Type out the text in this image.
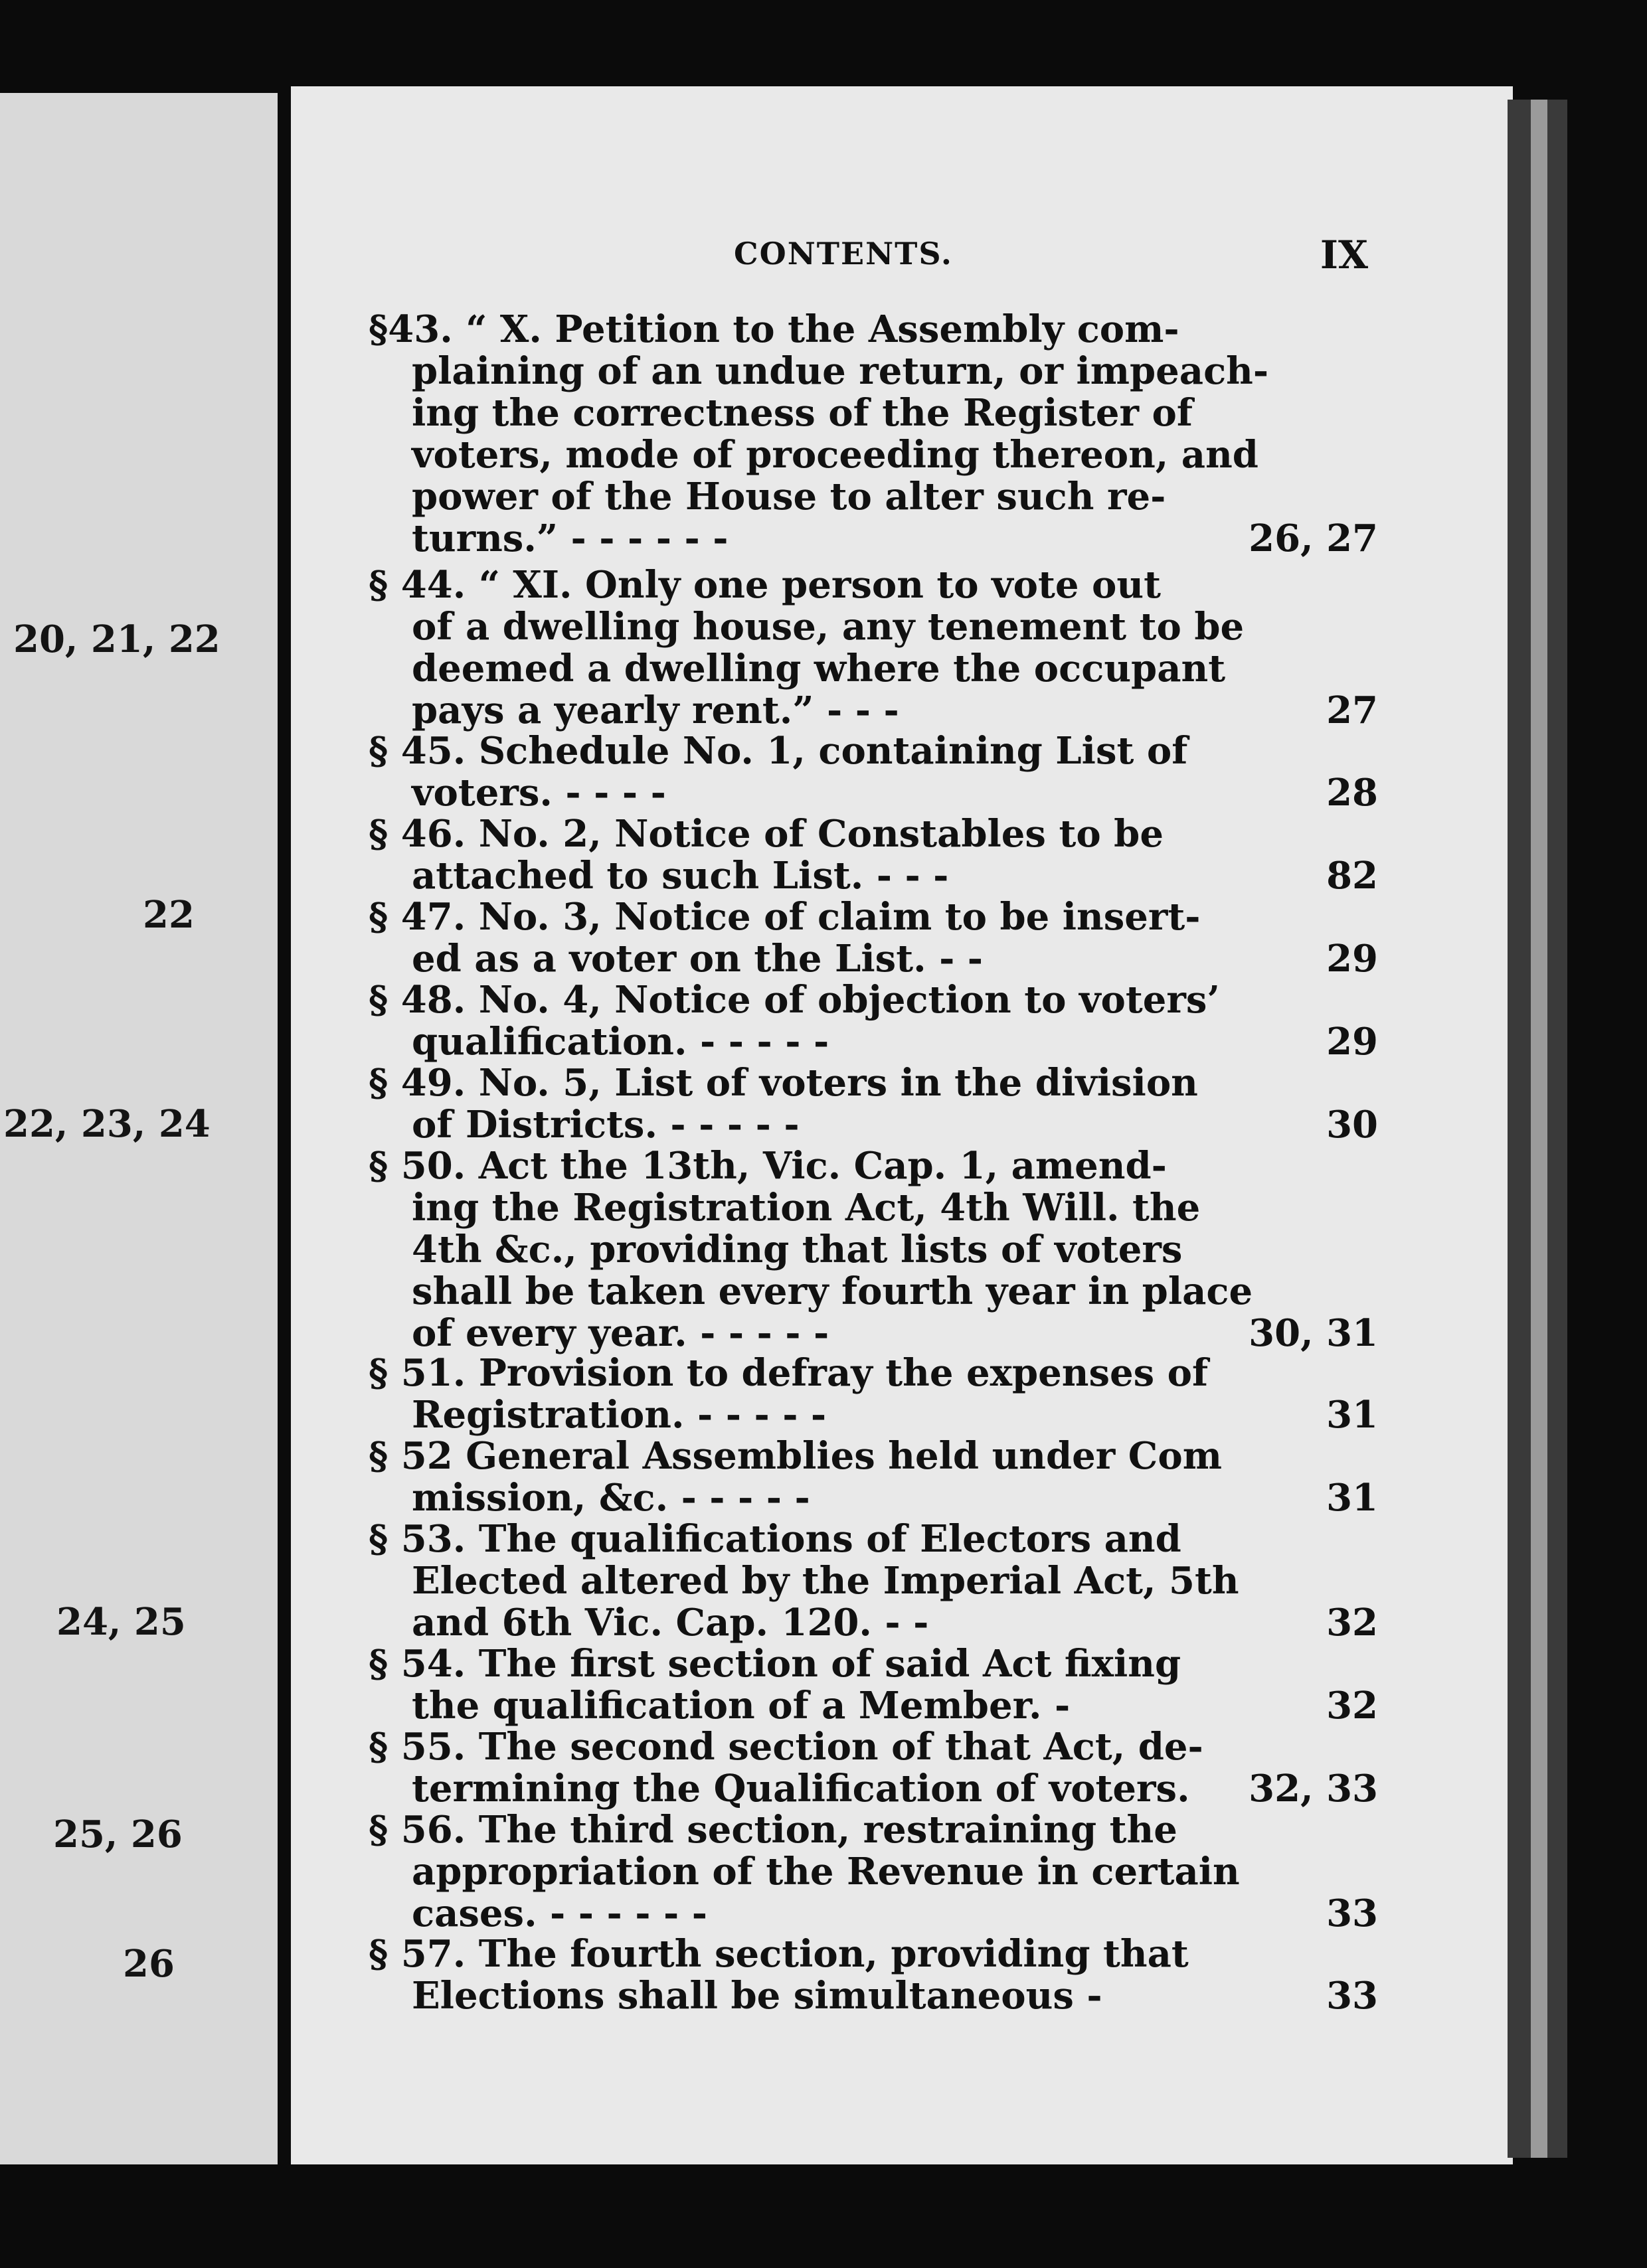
20, 21, 22
22
22, 23, 24
24, 25
25, 26
26
CONTENTS.	IX
§43. “ X. Petition to the Assembly com-
plaining of an undue return, or impeach-
ing the correctness of the Register of
voters, mode of proceeding thereon, and
power of the House to alter such re-
turns.” - - - - - -	26, 27
§ 44. “ XI. Only one person to vote out
of a dwelling house, any tenement to be
deemed a dwelling where the occupant
pays a yearly rent.” - - -	27
§ 45. Schedule No. 1, containing List of
voters. - - - -	28
§ 46. No. 2, Notice of Constables to be
attached to such List. - - -	82
§ 47. No. 3, Notice of claim to be insert-
ed as a voter on the List. - -	29
§ 48. No. 4, Notice of objection to voters’
qualification. - - - - -	29
§ 49. No. 5, List of voters in the division
of Districts. - - - - -	30
§ 50. Act the 13th, Vic. Cap. 1, amend-
ing the Registration Act, 4th Will. the
4th &c., providing that lists of voters
shall be taken every fourth year in place
of every year. - - - - -	30, 31
§ 51. Provision to defray the expenses of
Registration. - - - - -	31
§ 52 General Assemblies held under Com
mission, &c. - - - - -	31
§ 53. The qualifications of Electors and
Elected altered by the Imperial Act, 5th
and 6th Vic. Cap. 120. - -	32
§ 54. The first section of said Act fixing
the qualification of a Member. -	32
§ 55. The second section of that Act, de-
termining the Qualification of voters. 32, 33
§ 56. The third section, restraining the
appropriation of the Revenue in certain
cases. - - - - - -	33
§ 57. The fourth section, providing that
Elections shall be simultaneous -	33
